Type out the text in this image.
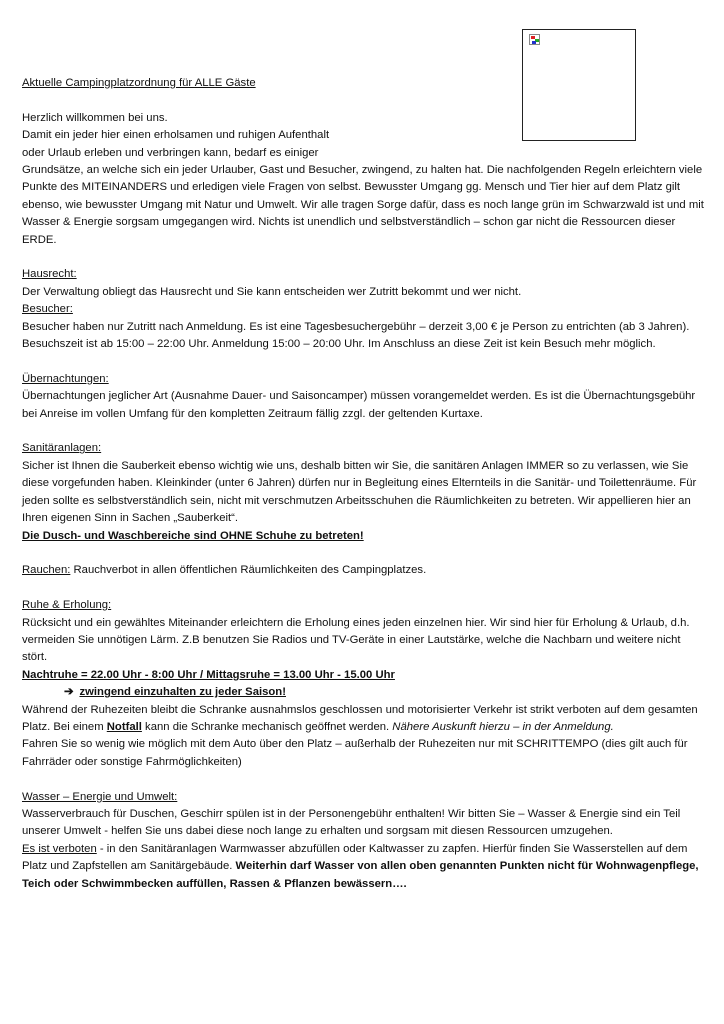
Aktuelle Campingplatzordnung für ALLE Gäste

Herzlich willkommen bei uns.

Damit ein jeder hier einen erholsamen und ruhigen Aufenthalt

oder Urlaub erleben und verbringen kann, bedarf es einiger

Grundsätze, an welche sich ein jeder Urlauber, Gast und Besucher, zwingend, zu halten hat. Die nachfolgenden Regeln erleichtern viele Punkte des MITEINANDERS und erledigen viele Fragen von selbst. Bewusster Umgang gg. Mensch und Tier hier auf dem Platz gilt ebenso, wie bewusster Umgang mit Natur und Umwelt. Wir alle tragen Sorge dafür, dass es noch lange grün im Schwarzwald ist und mit Wasser & Energie sorgsam umgegangen wird. Nichts ist unendlich und selbstverständlich – schon gar nicht die Ressourcen dieser ERDE.

Hausrecht:

Der Verwaltung obliegt das Hausrecht und Sie kann entscheiden wer Zutritt bekommt und wer nicht.

Besucher:

Besucher haben nur Zutritt nach Anmeldung. Es ist eine Tagesbesuchergebühr – derzeit 3,00 € je Person zu entrichten (ab 3 Jahren). Besuchszeit ist ab 15:00 – 22:00 Uhr. Anmeldung 15:00 – 20:00 Uhr. Im Anschluss an diese Zeit ist kein Besuch mehr möglich.

Übernachtungen:

Übernachtungen jeglicher Art (Ausnahme Dauer- und Saisoncamper) müssen vorangemeldet werden. Es ist die Übernachtungsgebühr bei Anreise im vollen Umfang für den kompletten Zeitraum fällig zzgl. der geltenden Kurtaxe.

Sanitäranlagen:

Sicher ist Ihnen die Sauberkeit ebenso wichtig wie uns, deshalb bitten wir Sie, die sanitären Anlagen IMMER so zu verlassen, wie Sie diese vorgefunden haben. Kleinkinder (unter 6 Jahren) dürfen nur in Begleitung eines Elternteils in die Sanitär- und Toilettenräume. Für jeden sollte es selbstverständlich sein, nicht mit verschmutzen Arbeitsschuhen die Räumlichkeiten zu betreten. Wir appellieren hier an Ihren eigenen Sinn in Sachen „Sauberkeit“.

Die Dusch- und Waschbereiche sind OHNE Schuhe zu betreten!

Rauchen: Rauchverbot in allen öffentlichen Räumlichkeiten des Campingplatzes.

Ruhe & Erholung:

Rücksicht und ein gewähltes Miteinander erleichtern die Erholung eines jeden einzelnen hier. Wir sind hier für Erholung & Urlaub, d.h. vermeiden Sie unnötigen Lärm. Z.B benutzen Sie Radios und TV-Geräte in einer Lautstärke, welche die Nachbarn und weitere nicht stört.

Nachtruhe = 22.00 Uhr - 8:00 Uhr / Mittagsruhe = 13.00 Uhr - 15.00 Uhr

➔ zwingend einzuhalten zu jeder Saison!

Während der Ruhezeiten bleibt die Schranke ausnahmslos geschlossen und motorisierter Verkehr ist strikt verboten auf dem gesamten Platz. Bei einem Notfall kann die Schranke mechanisch geöffnet werden. Nähere Auskunft hierzu – in der Anmeldung.

Fahren Sie so wenig wie möglich mit dem Auto über den Platz – außerhalb der Ruhezeiten nur mit SCHRITTEMPO (dies gilt auch für Fahrräder oder sonstige Fahrmöglichkeiten)

Wasser – Energie und Umwelt:

Wasserverbrauch für Duschen, Geschirr spülen ist in der Personengebühr enthalten! Wir bitten Sie – Wasser & Energie sind ein Teil unserer Umwelt - helfen Sie uns dabei diese noch lange zu erhalten und sorgsam mit diesen Ressourcen umzugehen.

Es ist verboten - in den Sanitäranlagen Warmwasser abzufüllen oder Kaltwasser zu zapfen. Hierfür finden Sie Wasserstellen auf dem Platz und Zapfstellen am Sanitärgebäude. Weiterhin darf Wasser von allen oben genannten Punkten nicht für Wohnwagenpflege, Teich oder Schwimmbecken auffüllen, Rassen & Pflanzen bewässern….
